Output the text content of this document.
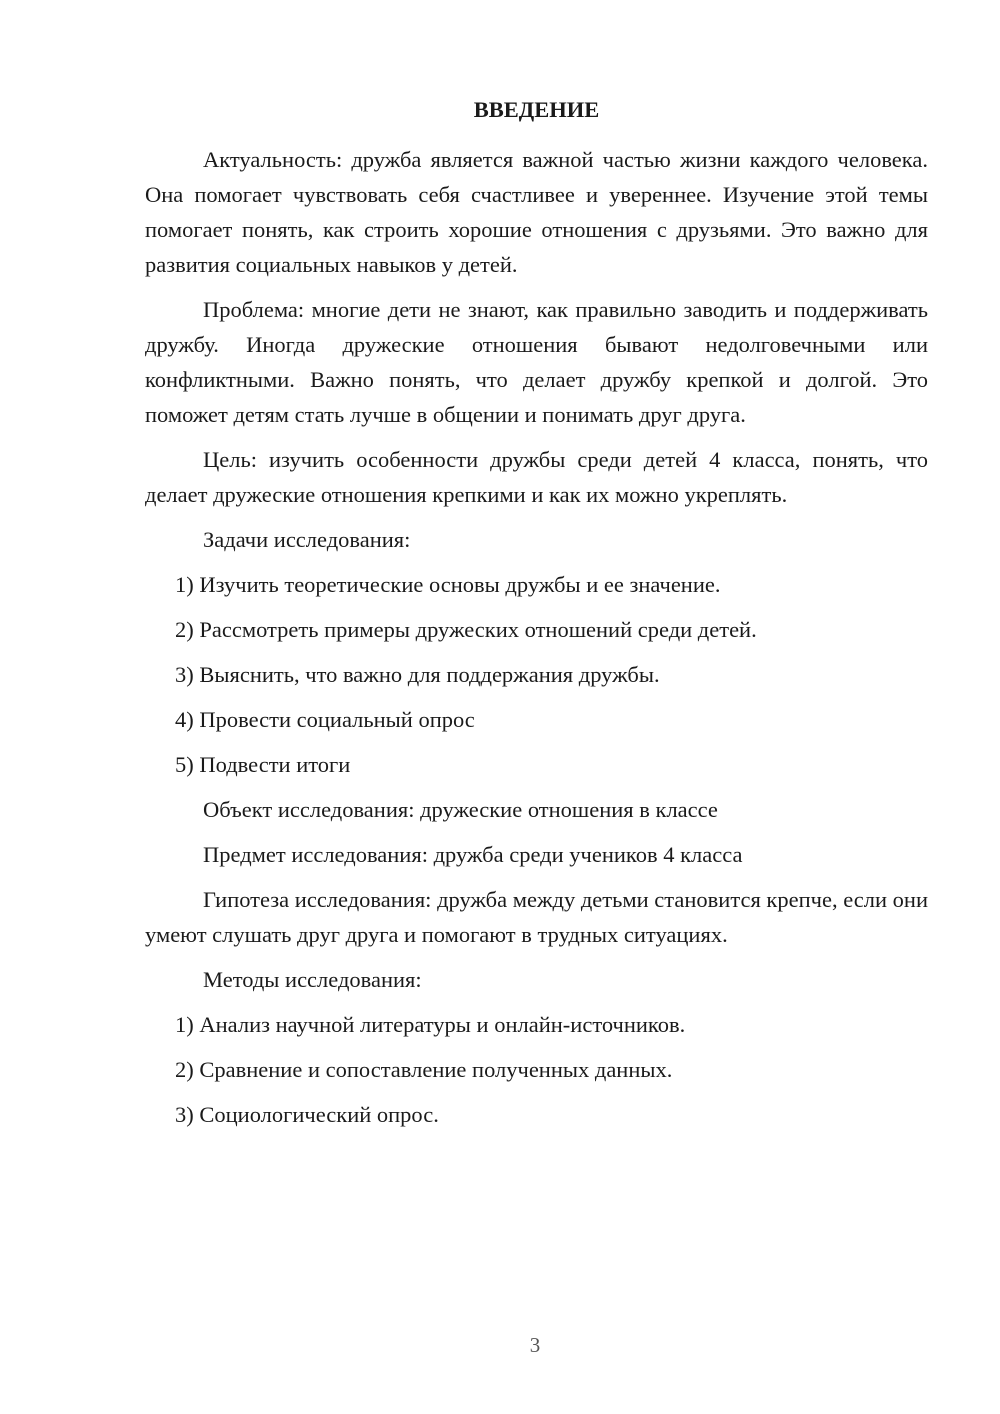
ВВЕДЕНИЕ

Актуальность: дружба является важной частью жизни каждого человека. Она помогает чувствовать себя счастливее и увереннее. Изучение этой темы помогает понять, как строить хорошие отношения с друзьями. Это важно для развития социальных навыков у детей.

Проблема: многие дети не знают, как правильно заводить и поддерживать дружбу. Иногда дружеские отношения бывают недолговечными или конфликтными. Важно понять, что делает дружбу крепкой и долгой. Это поможет детям стать лучше в общении и понимать друг друга.

Цель: изучить особенности дружбы среди детей 4 класса, понять, что делает дружеские отношения крепкими и как их можно укреплять.

Задачи исследования:

1) Изучить теоретические основы дружбы и ее значение.
2) Рассмотреть примеры дружеских отношений среди детей.
3) Выяснить, что важно для поддержания дружбы.
4) Провести социальный опрос
5) Подвести итоги

Объект исследования: дружеские отношения в классе

Предмет исследования: дружба среди учеников 4 класса

Гипотеза исследования: дружба между детьми становится крепче, если они умеют слушать друг друга и помогают в трудных ситуациях.

Методы исследования:

1) Анализ научной литературы и онлайн-источников.
2) Сравнение и сопоставление полученных данных.
3) Социологический опрос.
3
